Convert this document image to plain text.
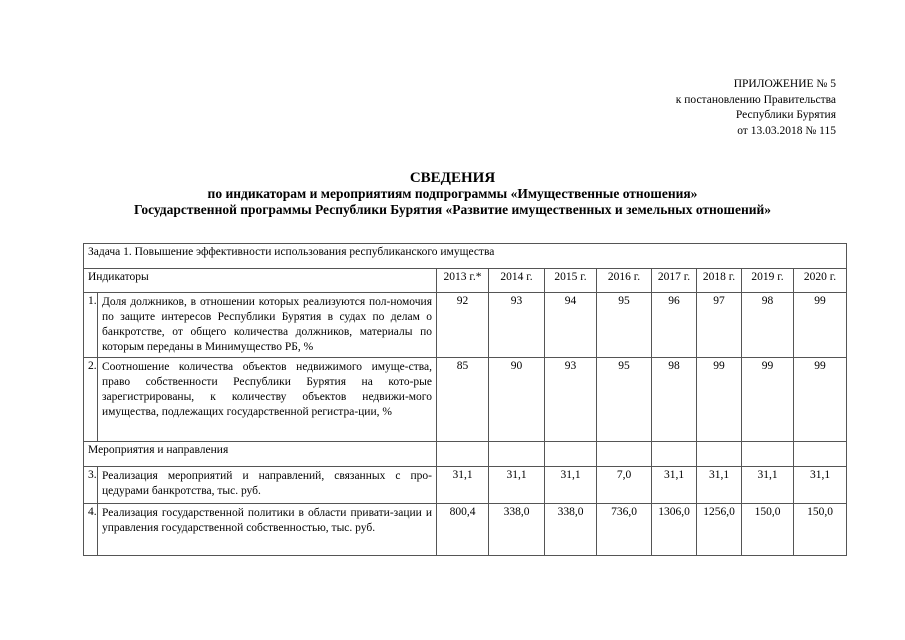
ПРИЛОЖЕНИЕ № 5
к постановлению Правительства
Республики Бурятия
от 13.03.2018 № 115
СВЕДЕНИЯ
по индикаторам и мероприятиям подпрограммы «Имущественные отношения»
Государственной программы Республики Бурятия «Развитие имущественных и земельных отношений»
Задача 1. Повышение эффективности использования республиканского имущества									
Индикаторы		2013 г.*	2014 г.	2015 г.	2016 г.	2017 г.	2018 г.	2019 г.	2020 г.
1.	Доля должников, в отношении которых реализуются пол-номочия по защите интересов Республики Бурятия в судах по делам о банкротстве, от общего количества должников, материалы по которым переданы в Минимущество РБ, %	92	93	94	95	96	97	98	99
2.	Соотношение количества объектов недвижимого имуще-ства, право собственности Республики Бурятия на кото-рые зарегистрированы, к количеству объектов недвижи-мого имущества, подлежащих государственной регистра-ции, %	85	90	93	95	98	99	99	99
Мероприятия и направления									
3.	Реализация мероприятий и направлений, связанных с про-цедурами банкротства, тыс. руб.	31,1	31,1	31,1	7,0	31,1	31,1	31,1	31,1
4.	Реализация государственной политики в области привати-зации и управления государственной собственностью, тыс. руб.	800,4	338,0	338,0	736,0	1306,0	1256,0	150,0	150,0
